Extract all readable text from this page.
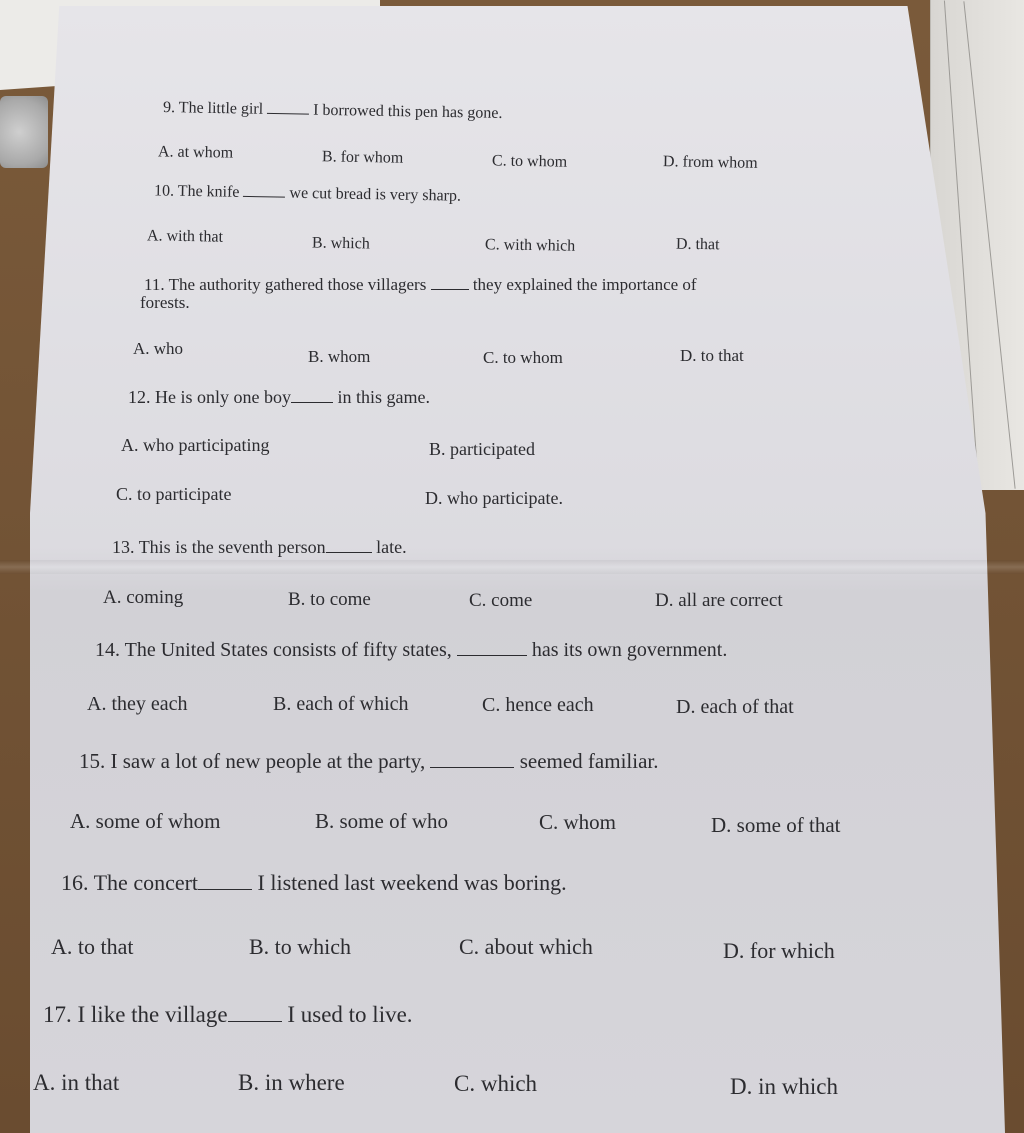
9. The little girl	I borrowed this pen has gone.
A. at whom	B. for whom	C. to whom	D. from whom
10. The knife	we cut bread is very sharp.
A. with that	B. which	C. with which	D. that
11. The authority gathered those villagers	they explained the importance of
forests.
A. who	B. whom	C. to whom	D. to that
12. He is only one boy	in this game.
A. who participating	B. participated
C. to participate	D. who participate.
13. This is the seventh person	late.
A. coming	B. to come	C. come	D. all are correct
14. The United States consists of fifty states,	has its own government.
A. they each	B. each of which	C. hence each	D. each of that
15. I saw a lot of new people at the party,	seemed familiar.
A. some of whom	B. some of who	C. whom	D. some of that
16. The concert	I listened last weekend was boring.
A. to that	B. to which	C. about which	D. for which
17. I like the village	I used to live.
A. in that	B. in where	C. which	D. in which
